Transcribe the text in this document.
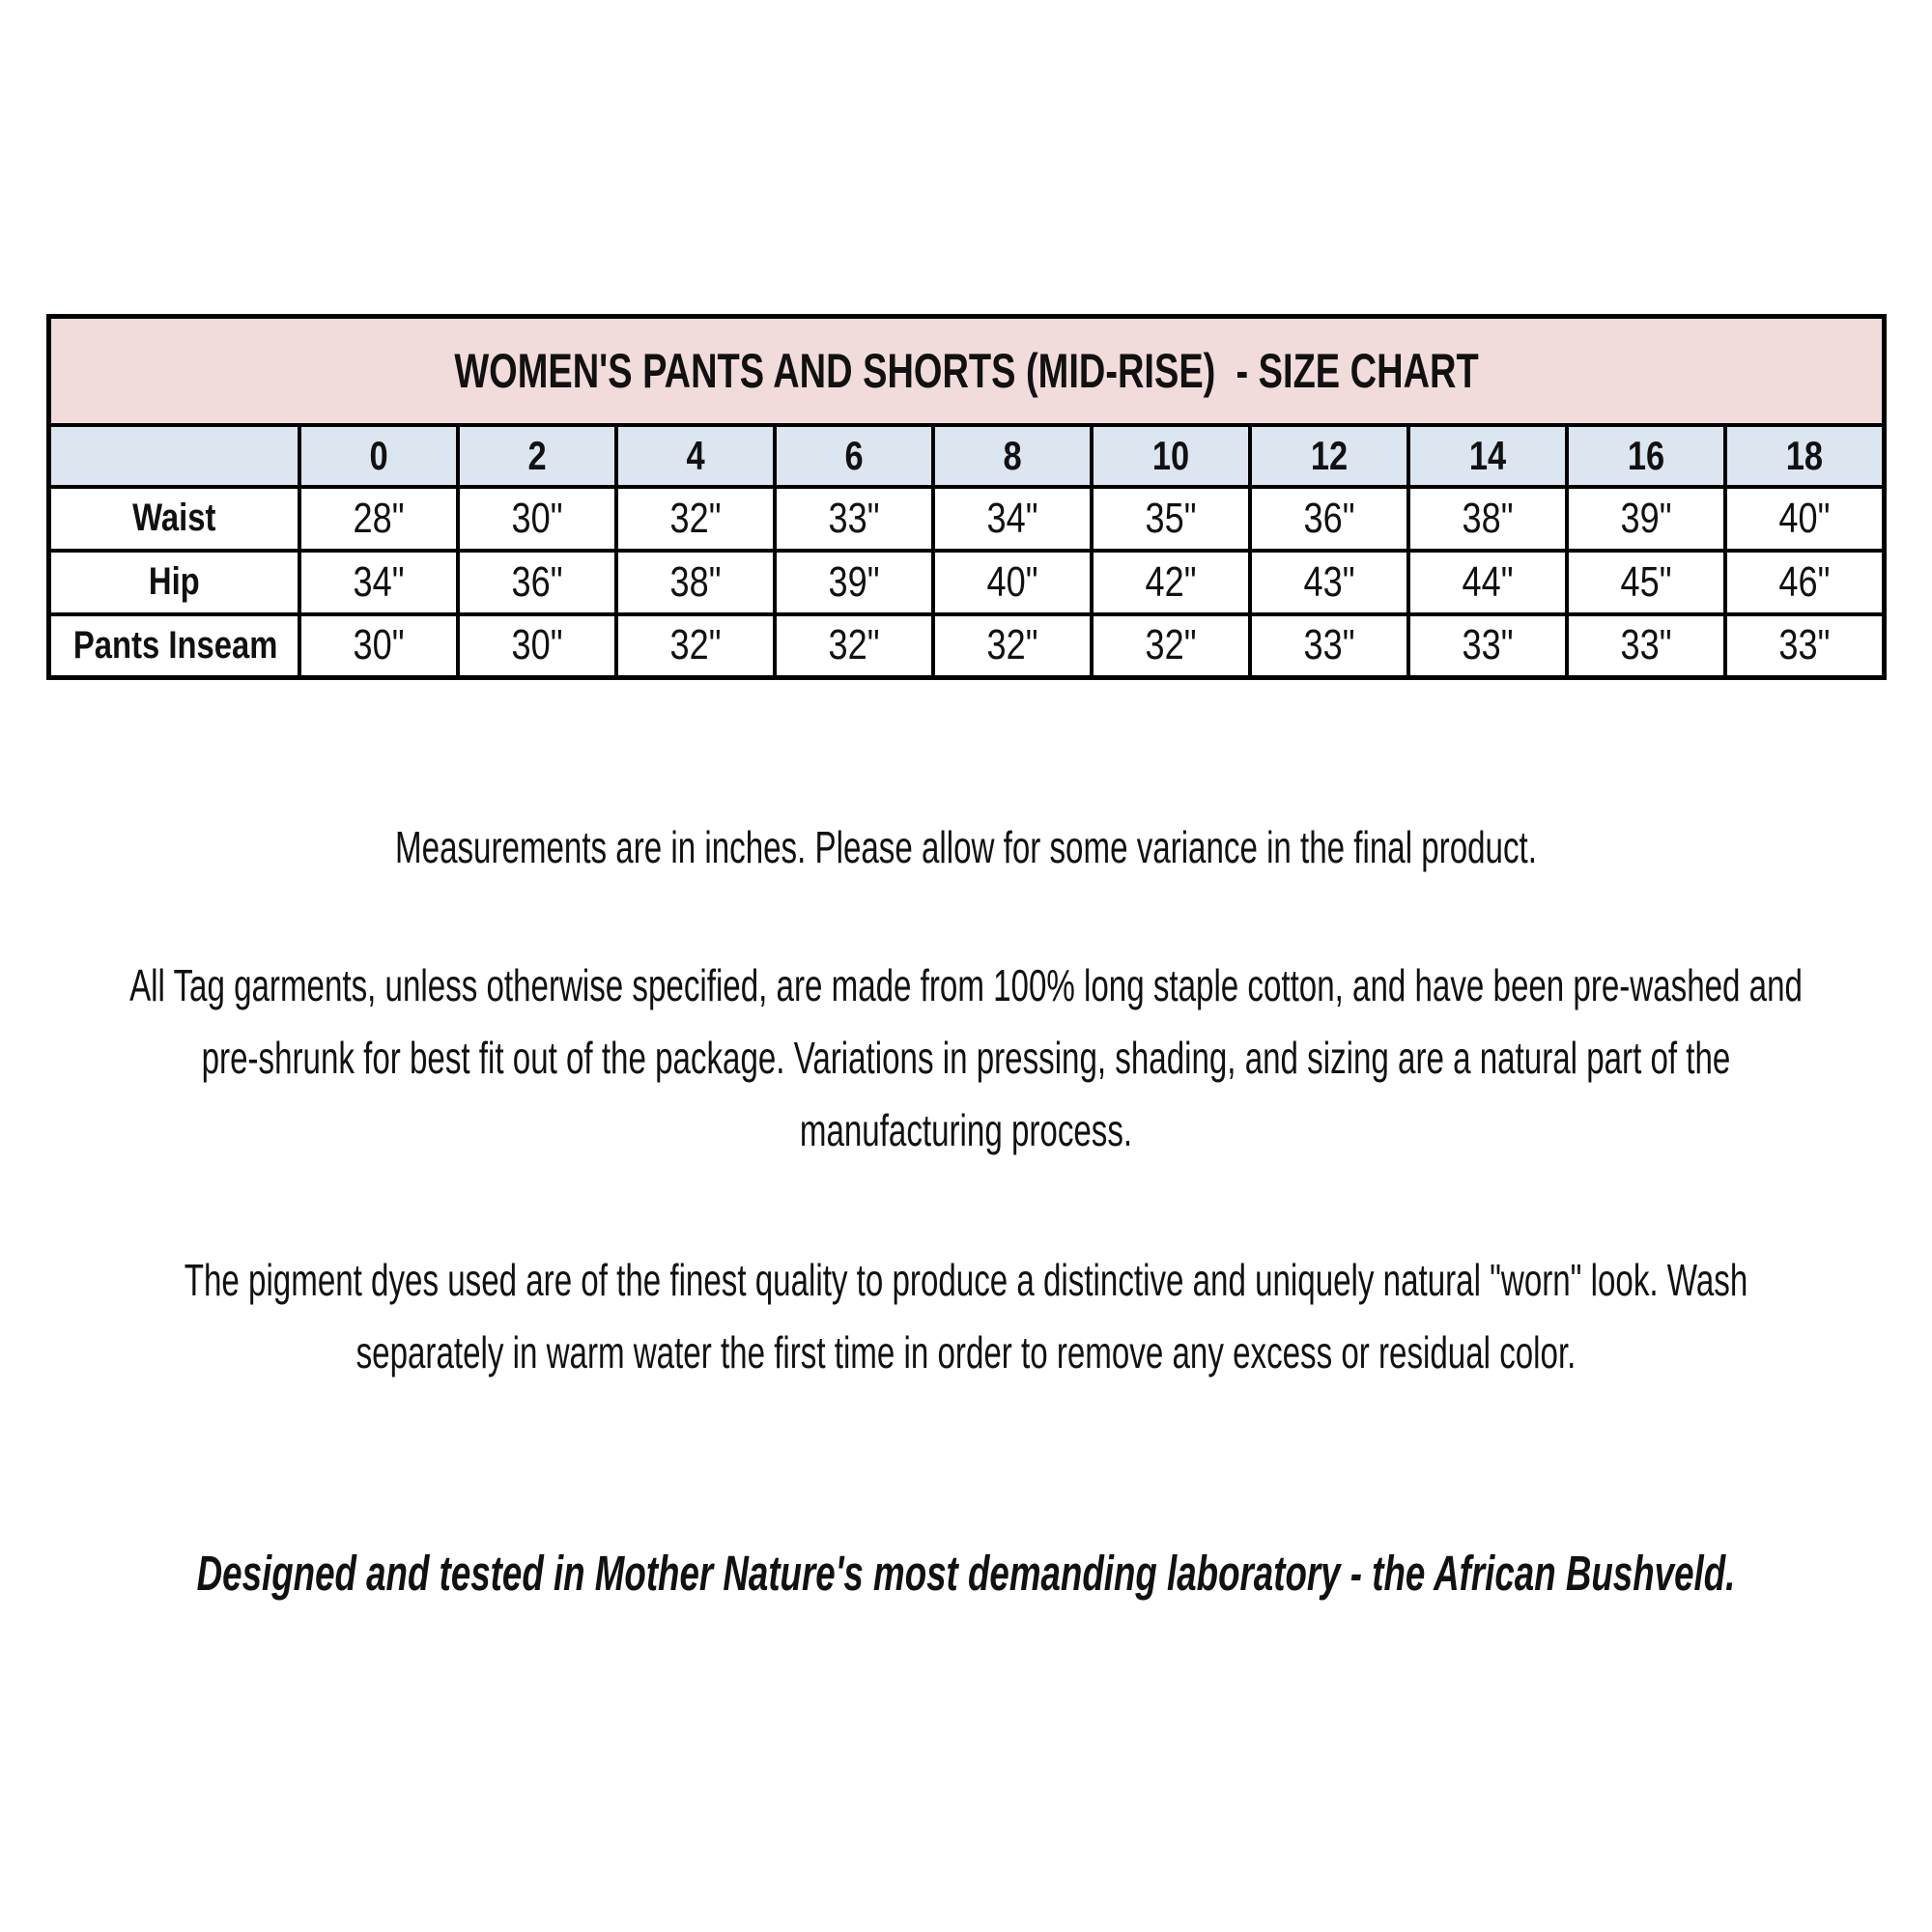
WOMEN'S PANTS AND SHORTS (MID-RISE)  - SIZE CHART										

	0	2	4	6	8	10	12	14	16	18

Waist	28"	30"	32"	33"	34"	35"	36"	38"	39"	40"

Hip	34"	36"	38"	39"	40"	42"	43"	44"	45"	46"

Pants Inseam	30"	30"	32"	32"	32"	32"	33"	33"	33"	33"
Measurements are in inches. Please allow for some variance in the final product.
All Tag garments, unless otherwise specified, are made from 100% long staple cotton, and have been pre-washed and
pre-shrunk for best fit out of the package. Variations in pressing, shading, and sizing are a natural part of the
manufacturing process.
The pigment dyes used are of the finest quality to produce a distinctive and uniquely natural "worn" look. Wash
separately in warm water the first time in order to remove any excess or residual color.
Designed and tested in Mother Nature's most demanding laboratory - the African Bushveld.
